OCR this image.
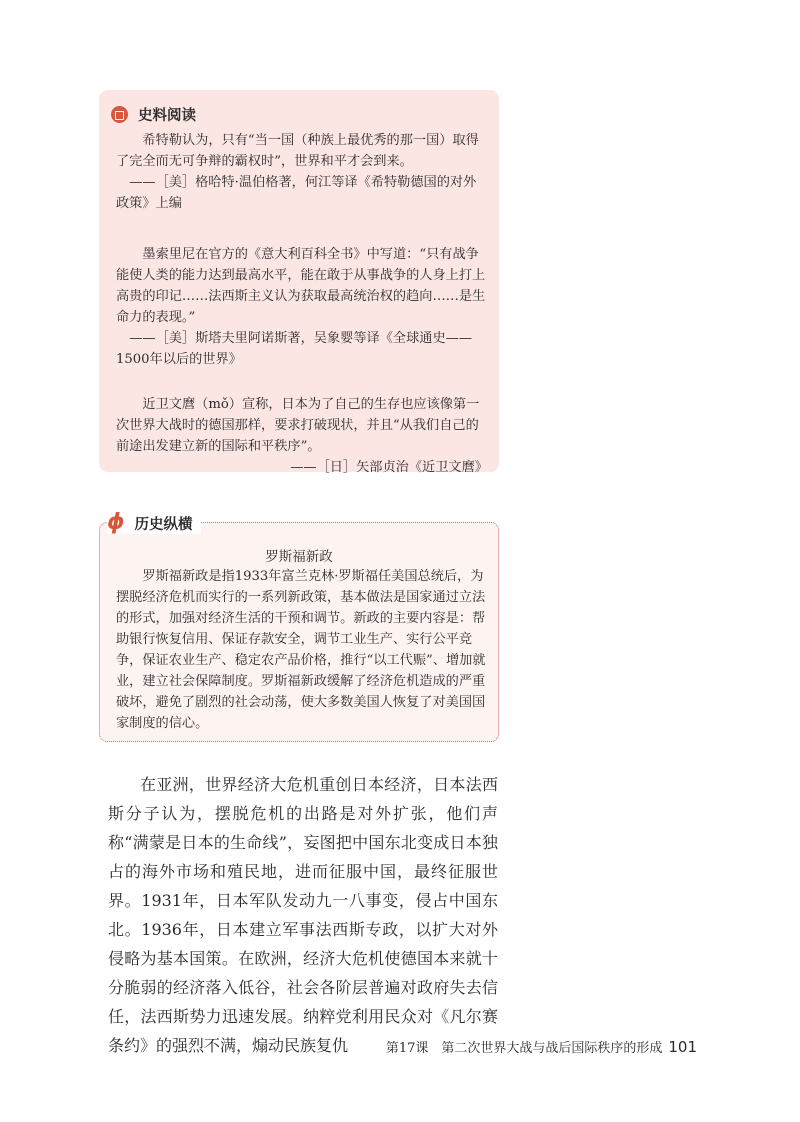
史料阅读

希特勒认为，只有“当一国（种族上最优秀的那一国）取得了完全而无可争辩的霸权时”，世界和平才会到来。

——［美］格哈特·温伯格著，何江等译《希特勒德国的对外政策》上编

墨索里尼在官方的《意大利百科全书》中写道：“只有战争能使人类的能力达到最高水平，能在敢于从事战争的人身上打上高贵的印记……法西斯主义认为获取最高统治权的趋向……是生命力的表现。”

——［美］斯塔夫里阿诺斯著，吴象婴等译《全球通史——1500年以后的世界》

近卫文麿（mǒ）宣称，日本为了自己的生存也应该像第一次世界大战时的德国那样，要求打破现状，并且“从我们自己的前途出发建立新的国际和平秩序”。

——［日］矢部贞治《近卫文麿》

ϕ 历史纵横
罗斯福新政

罗斯福新政是指1933年富兰克林·罗斯福任美国总统后，为摆脱经济危机而实行的一系列新政策，基本做法是国家通过立法的形式，加强对经济生活的干预和调节。新政的主要内容是：帮助银行恢复信用、保证存款安全，调节工业生产、实行公平竞争，保证农业生产、稳定农产品价格，推行“以工代赈”、增加就业，建立社会保障制度。罗斯福新政缓解了经济危机造成的严重破坏，避免了剧烈的社会动荡，使大多数美国人恢复了对美国国家制度的信心。

在亚洲，世界经济大危机重创日本经济，日本法西斯分子认为，摆脱危机的出路是对外扩张，他们声称“满蒙是日本的生命线”，妄图把中国东北变成日本独占的海外市场和殖民地，进而征服中国，最终征服世界。1931年，日本军队发动九一八事变，侵占中国东北。1936年，日本建立军事法西斯专政，以扩大对外侵略为基本国策。在欧洲，经济大危机使德国本来就十分脆弱的经济落入低谷，社会各阶层普遍对政府失去信任，法西斯势力迅速发展。纳粹党利用民众对《凡尔赛条约》的强烈不满，煽动民族复仇	第17课　第二次世界大战与战后国际秩序的形成 101
